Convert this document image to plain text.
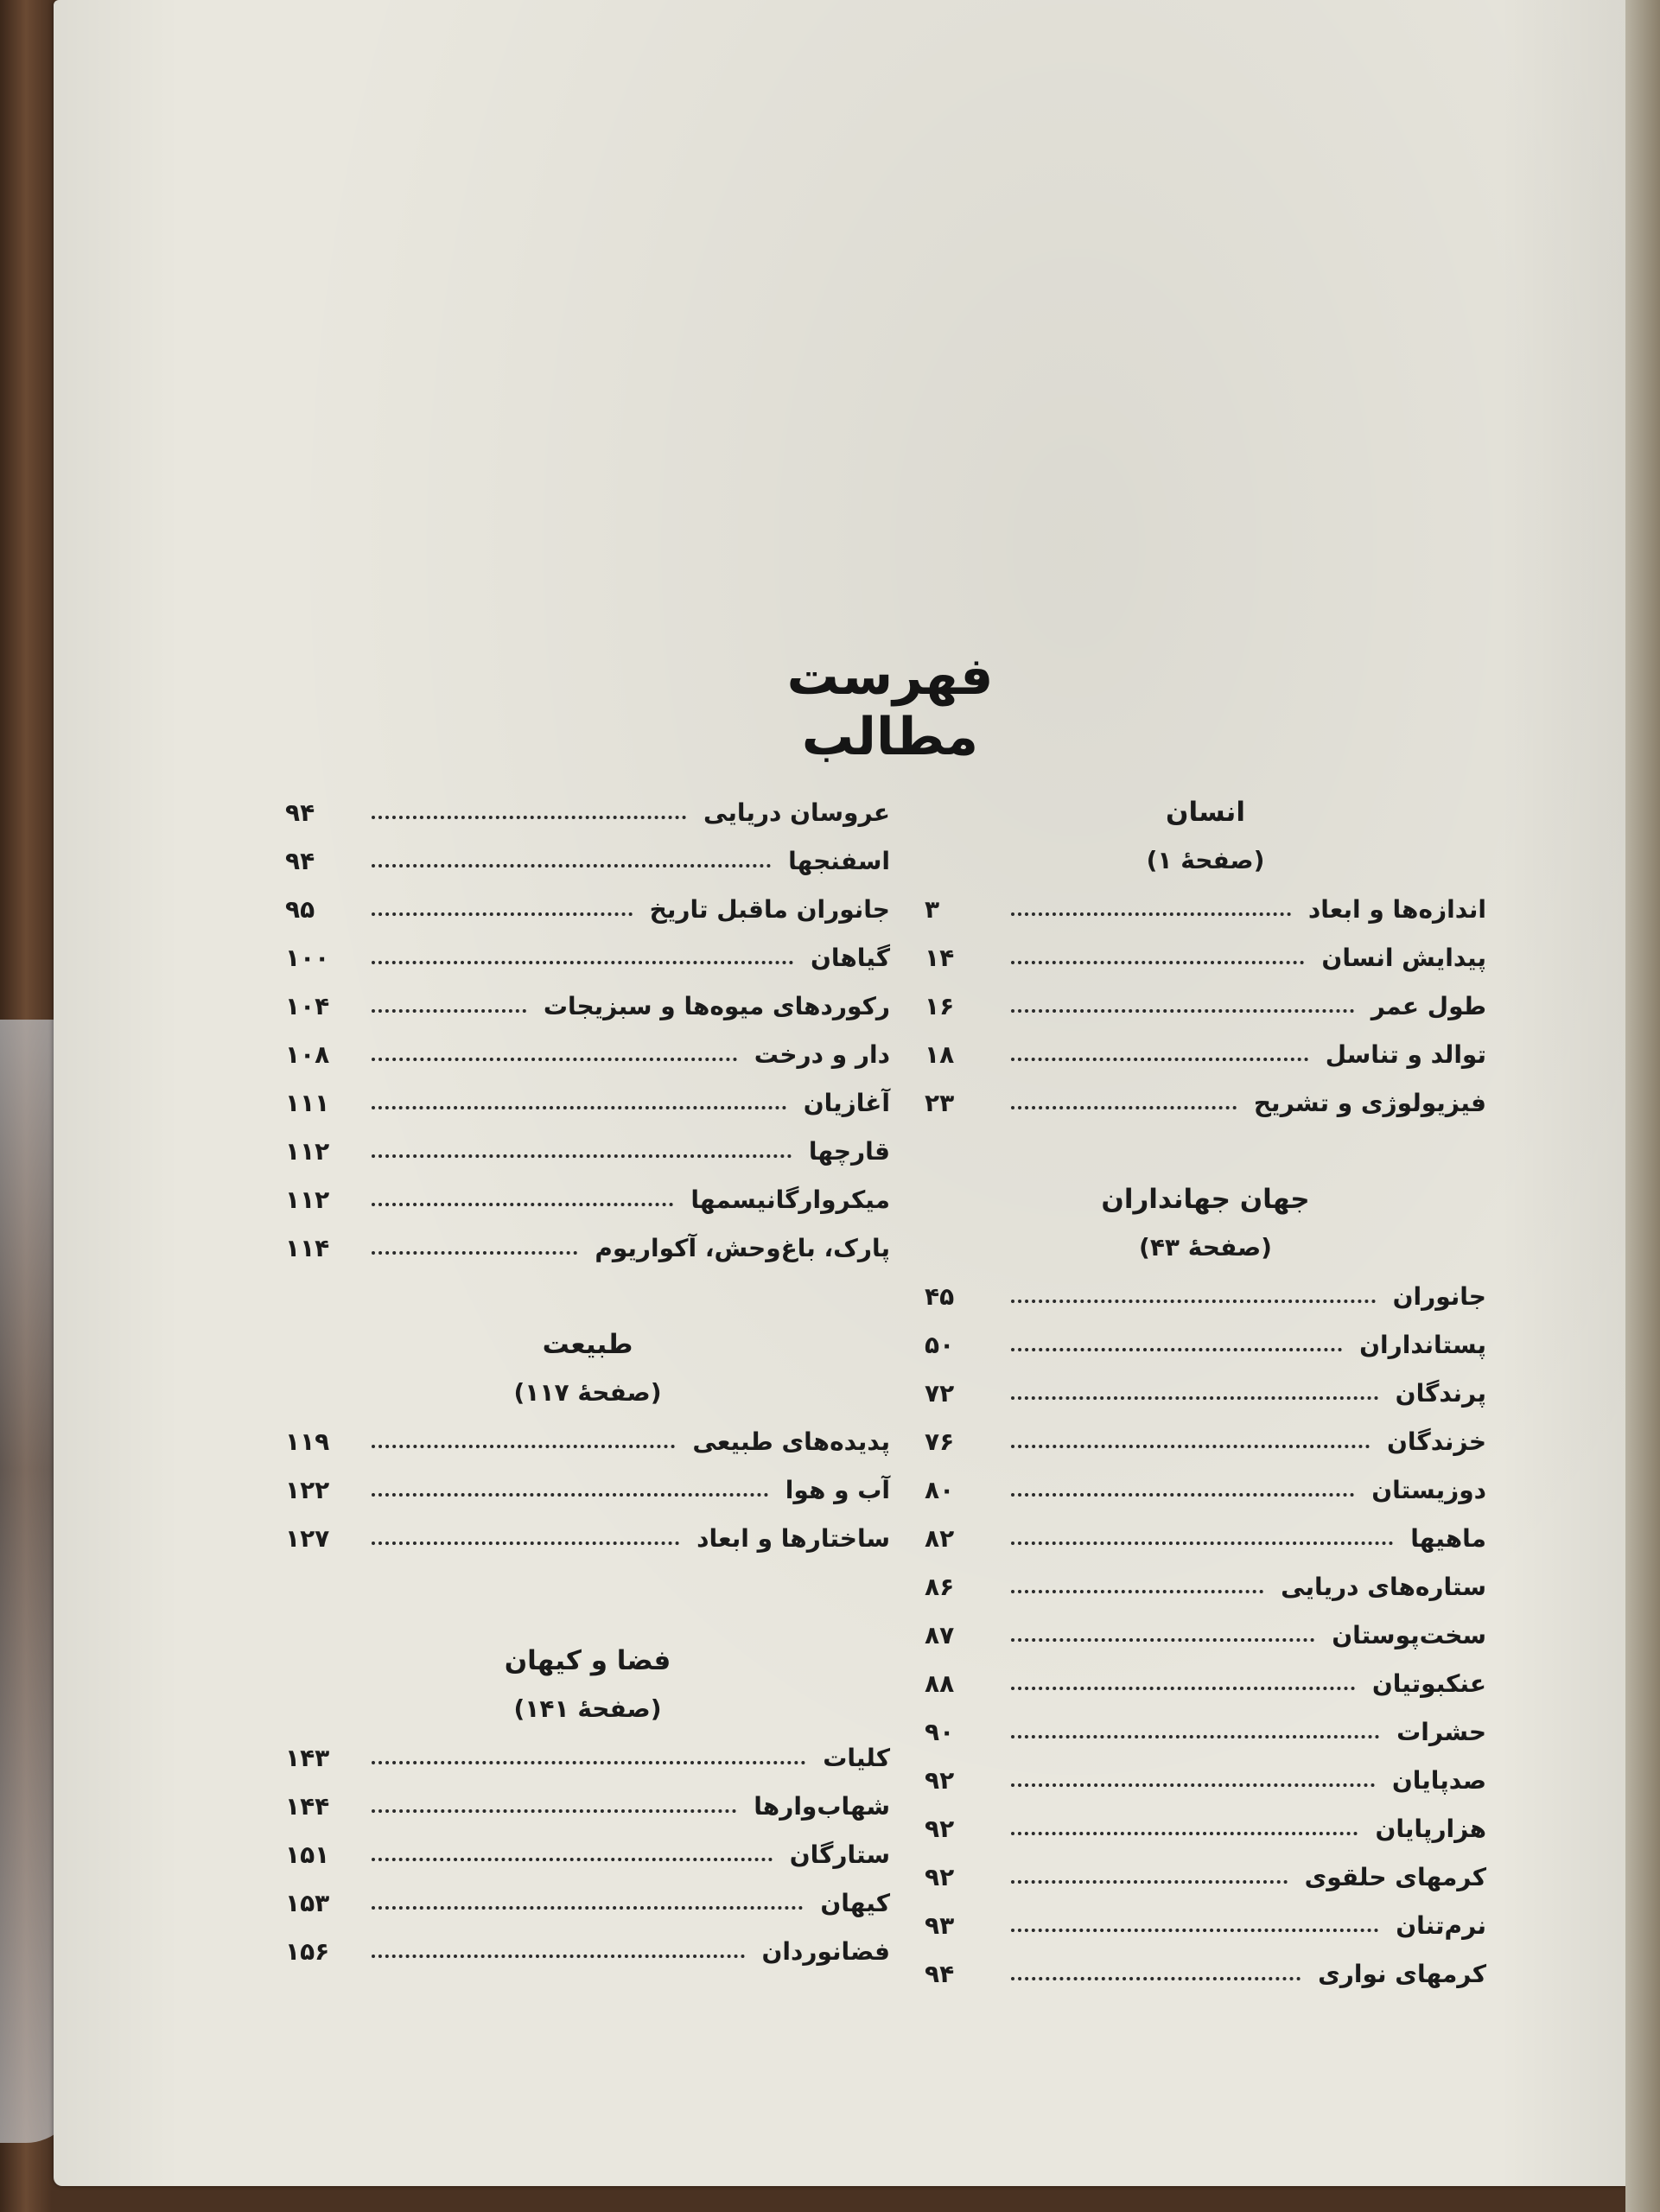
فهرست مطالب
انسان
(صفحهٔ ۱)
اندازه‌ها و ابعاد
۳
پیدایش انسان
۱۴
طول عمر
۱۶
توالد و تناسل
۱۸
فیزیولوژی و تشریح
۲۳
جهان جهانداران
(صفحهٔ ۴۳)
جانوران
۴۵
پستانداران
۵۰
پرندگان
۷۲
خزندگان
۷۶
دوزیستان
۸۰
ماهیها
۸۲
ستاره‌های دریایی
۸۶
سخت‌پوستان
۸۷
عنکبوتیان
۸۸
حشرات
۹۰
صدپایان
۹۲
هزارپایان
۹۲
کرمهای حلقوی
۹۲
نرم‌تنان
۹۳
کرمهای نواری
۹۴
عروسان دریایی
۹۴
اسفنجها
۹۴
جانوران ماقبل تاریخ
۹۵
گیاهان
۱۰۰
رکوردهای میوه‌ها و سبزیجات
۱۰۴
دار و درخت
۱۰۸
آغازیان
۱۱۱
قارچها
۱۱۲
میکروارگانیسمها
۱۱۲
پارک، باغ‌وحش، آکواریوم
۱۱۴
طبیعت
(صفحهٔ ۱۱۷)
پدیده‌های طبیعی
۱۱۹
آب و هوا
۱۲۲
ساختارها و ابعاد
۱۲۷
فضا و کیهان
(صفحهٔ ۱۴۱)
کلیات
۱۴۳
شهاب‌وارها
۱۴۴
ستارگان
۱۵۱
کیهان
۱۵۳
فضانوردان
۱۵۶
